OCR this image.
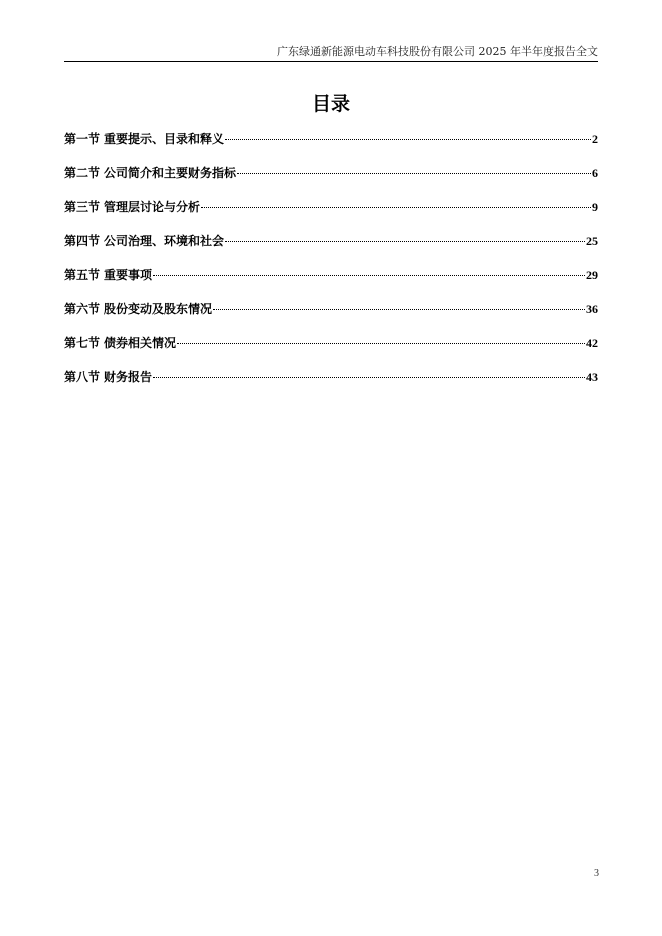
广东绿通新能源电动车科技股份有限公司 2025 年半年度报告全文
目录
第一节 重要提示、目录和释义	2
第二节 公司简介和主要财务指标	6
第三节 管理层讨论与分析	9
第四节 公司治理、环境和社会	25
第五节 重要事项	29
第六节 股份变动及股东情况	36
第七节 债券相关情况	42
第八节 财务报告	43
3
